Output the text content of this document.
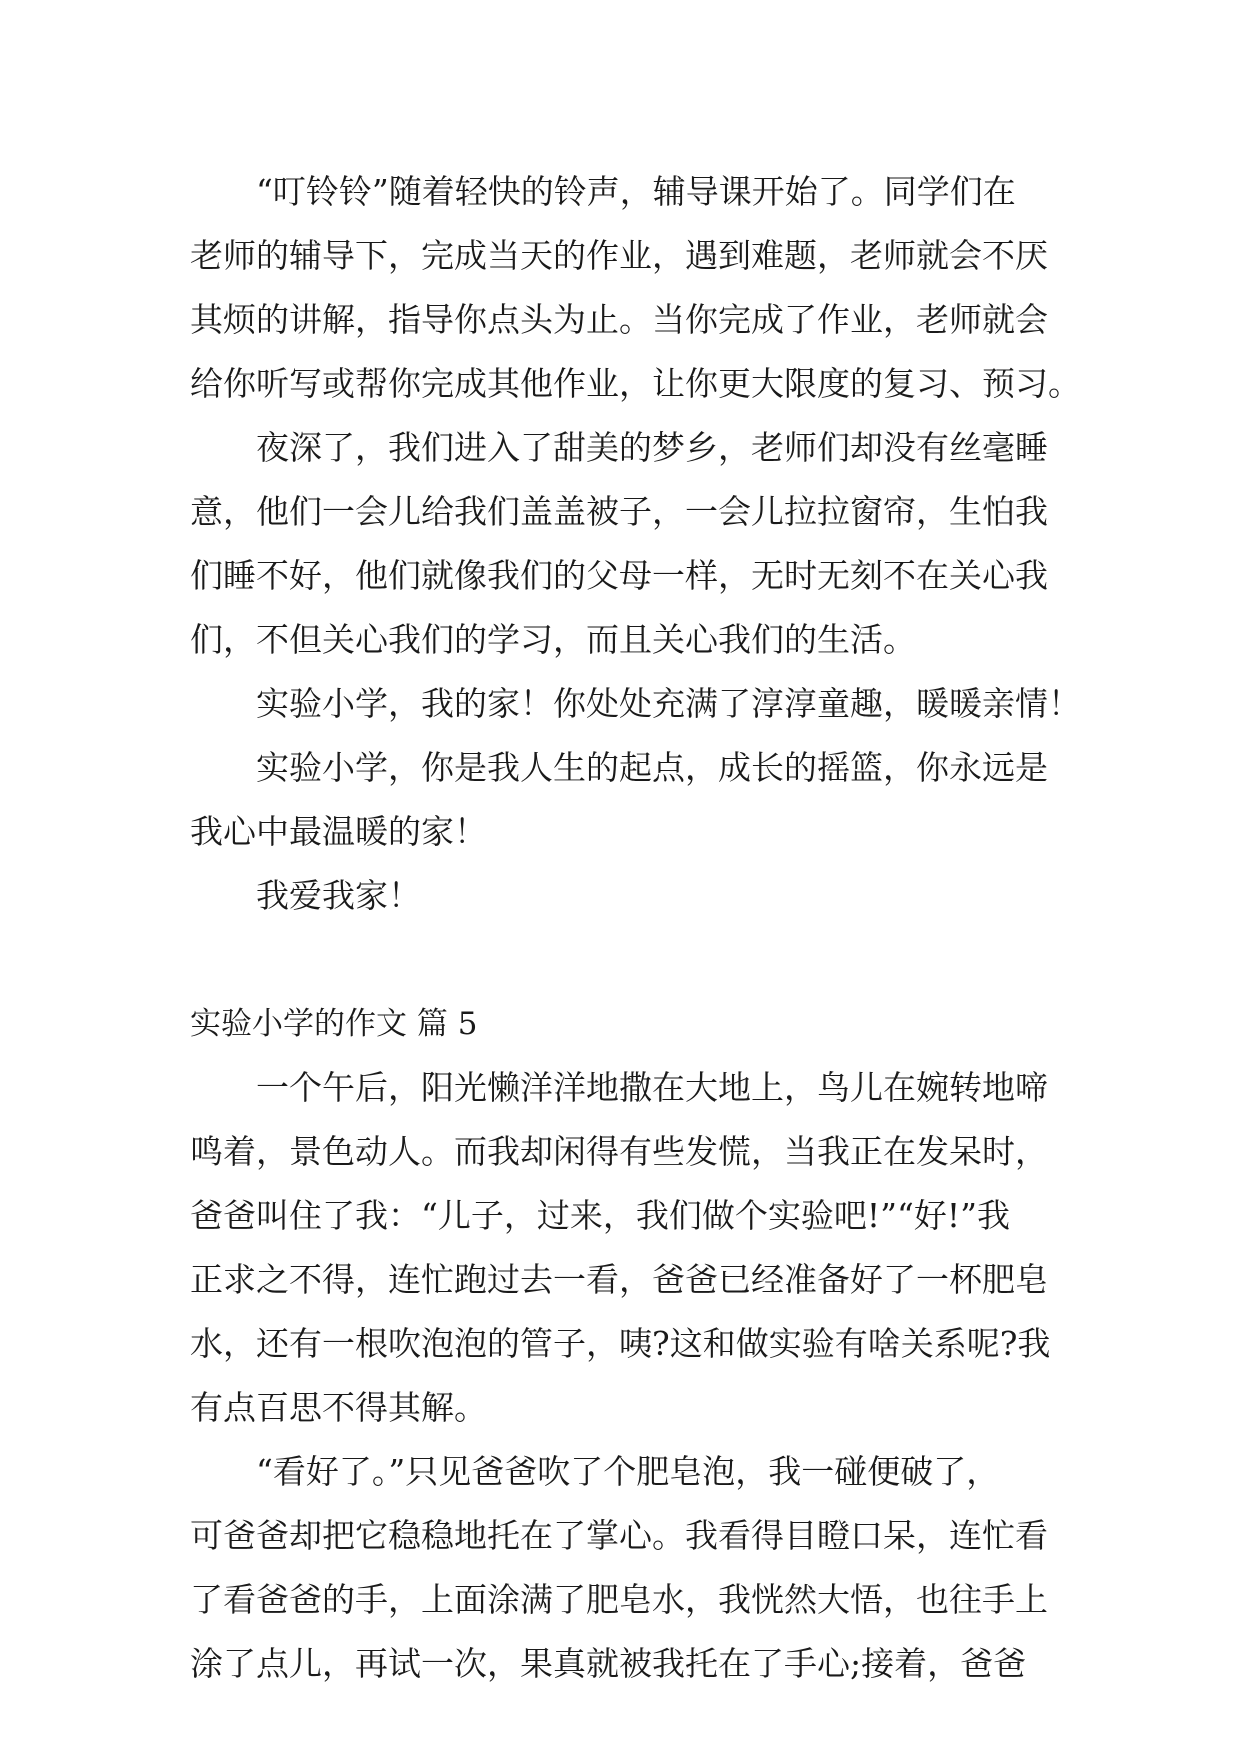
“叮铃铃”随着轻快的铃声，辅导课开始了。同学们在
老师的辅导下，完成当天的作业，遇到难题，老师就会不厌
其烦的讲解，指导你点头为止。当你完成了作业，老师就会
给你听写或帮你完成其他作业，让你更大限度的复习、预习。
夜深了，我们进入了甜美的梦乡，老师们却没有丝毫睡
意，他们一会儿给我们盖盖被子，一会儿拉拉窗帘，生怕我
们睡不好，他们就像我们的父母一样，无时无刻不在关心我
们，不但关心我们的学习，而且关心我们的生活。
实验小学，我的家！你处处充满了淳淳童趣，暖暖亲情！
实验小学，你是我人生的起点，成长的摇篮，你永远是
我心中最温暖的家！
我爱我家！
实验小学的作文 篇 5
一个午后，阳光懒洋洋地撒在大地上，鸟儿在婉转地啼
鸣着，景色动人。而我却闲得有些发慌，当我正在发呆时，
爸爸叫住了我：“儿子，过来，我们做个实验吧!”“好!”我
正求之不得，连忙跑过去一看，爸爸已经准备好了一杯肥皂
水，还有一根吹泡泡的管子，咦?这和做实验有啥关系呢?我
有点百思不得其解。
“看好了。”只见爸爸吹了个肥皂泡，我一碰便破了，
可爸爸却把它稳稳地托在了掌心。我看得目瞪口呆，连忙看
了看爸爸的手，上面涂满了肥皂水，我恍然大悟，也往手上
涂了点儿，再试一次，果真就被我托在了手心;接着，爸爸
